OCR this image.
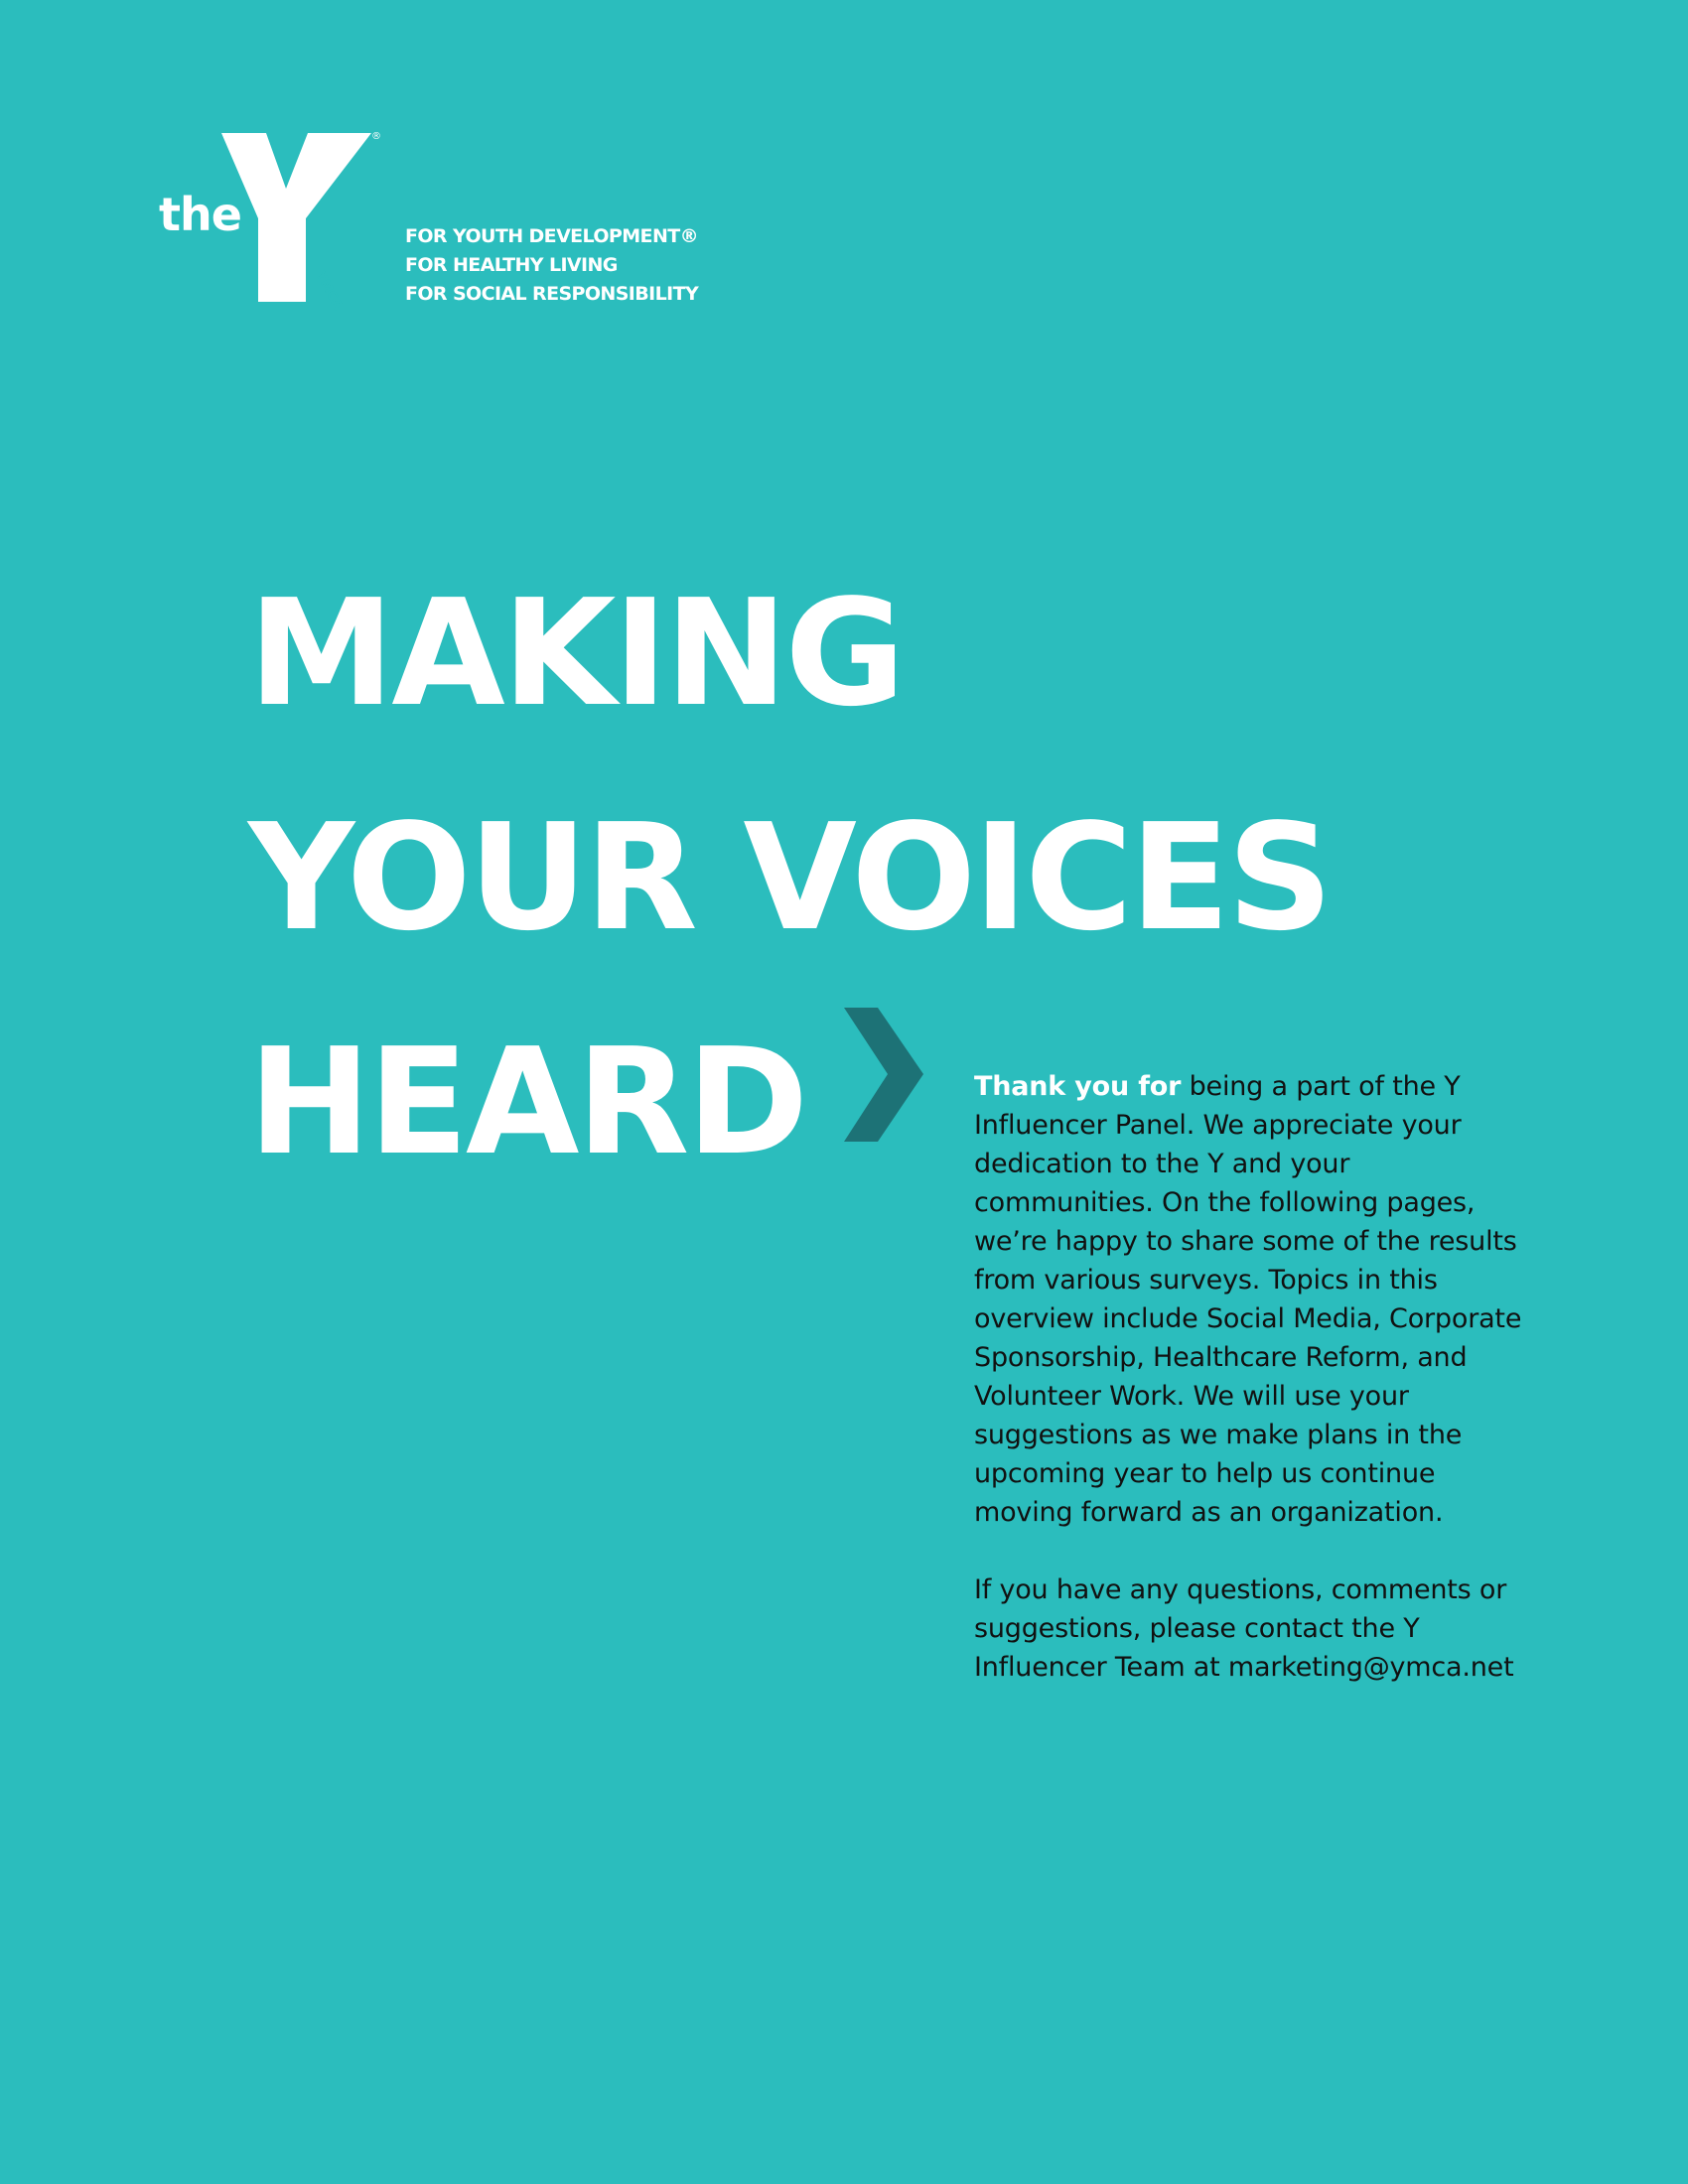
the
YMCA
®
FOR YOUTH DEVELOPMENT®
FOR HEALTHY LIVING
FOR SOCIAL RESPONSIBILITY
MAKING
YOUR VOICES
HEARD	Thank you for being a part of the Y Influencer Panel. We appreciate your dedication to the Y and your communities. On the following pages, we’re happy to share some of the results from various surveys. Topics in this overview include Social Media, Corporate Sponsorship, Healthcare Reform, and Volunteer Work. We will use your suggestions as we make plans in the upcoming year to help us continue moving forward as an organization.

If you have any questions, comments or suggestions, please contact the Y Influencer Team at marketing@ymca.net
